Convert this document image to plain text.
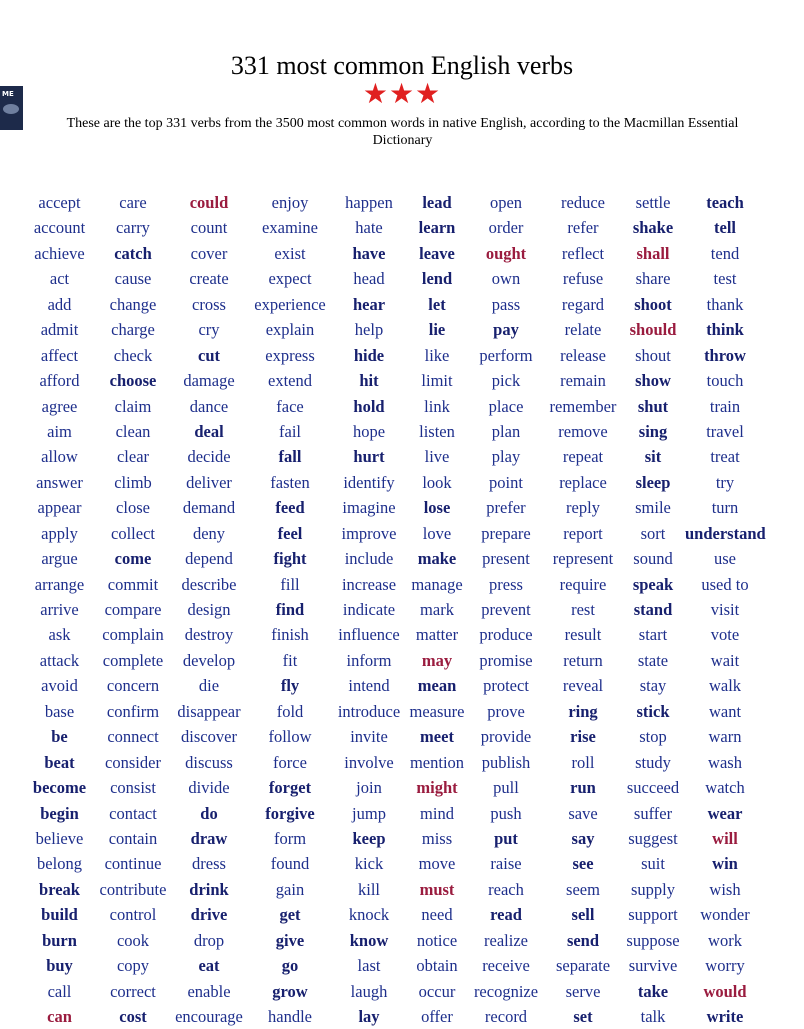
ME
331 most common English verbs
★★★
These are the top 331 verbs from the 3500 most common words in native English, according to the Macmillan Essential Dictionary
accept
account
achieve
act
add
admit
affect
afford
agree
aim
allow
answer
appear
apply
argue
arrange
arrive
ask
attack
avoid
base
be
beat
become
begin
believe
belong
break
build
burn
buy
call
can
care
carry
catch
cause
change
charge
check
choose
claim
clean
clear
climb
close
collect
come
commit
compare
complain
complete
concern
confirm
connect
consider
consist
contact
contain
continue
contribute
control
cook
copy
correct
cost
could
count
cover
create
cross
cry
cut
damage
dance
deal
decide
deliver
demand
deny
depend
describe
design
destroy
develop
die
disappear
discover
discuss
divide
do
draw
dress
drink
drive
drop
eat
enable
encourage
enjoy
examine
exist
expect
experience
explain
express
extend
face
fail
fall
fasten
feed
feel
fight
fill
find
finish
fit
fly
fold
follow
force
forget
forgive
form
found
gain
get
give
go
grow
handle
happen
hate
have
head
hear
help
hide
hit
hold
hope
hurt
identify
imagine
improve
include
increase
indicate
influence
inform
intend
introduce
invite
involve
join
jump
keep
kick
kill
knock
know
last
laugh
lay
lead
learn
leave
lend
let
lie
like
limit
link
listen
live
look
lose
love
make
manage
mark
matter
may
mean
measure
meet
mention
might
mind
miss
move
must
need
notice
obtain
occur
offer
open
order
ought
own
pass
pay
perform
pick
place
plan
play
point
prefer
prepare
present
press
prevent
produce
promise
protect
prove
provide
publish
pull
push
put
raise
reach
read
realize
receive
recognize
record
reduce
refer
reflect
refuse
regard
relate
release
remain
remember
remove
repeat
replace
reply
report
represent
require
rest
result
return
reveal
ring
rise
roll
run
save
say
see
seem
sell
send
separate
serve
set
settle
shake
shall
share
shoot
should
shout
show
shut
sing
sit
sleep
smile
sort
sound
speak
stand
start
state
stay
stick
stop
study
succeed
suffer
suggest
suit
supply
support
suppose
survive
take
talk
teach
tell
tend
test
thank
think
throw
touch
train
travel
treat
try
turn
understand
use
used to
visit
vote
wait
walk
want
warn
wash
watch
wear
will
win
wish
wonder
work
worry
would
write
